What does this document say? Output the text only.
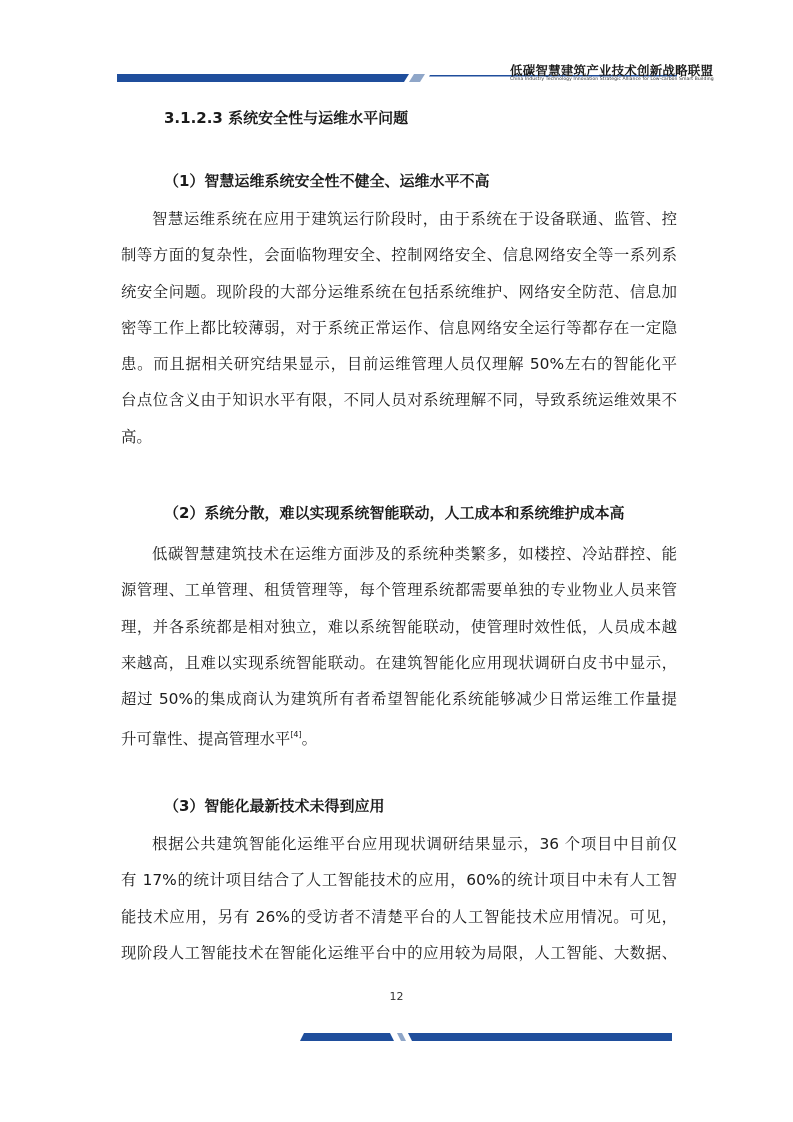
低碳智慧建筑产业技术创新战略联盟
China Industry Technology Innovation Strategic Alliance for Low-carbon Smart Building
3.1.2.3 系统安全性与运维水平问题
（1）智慧运维系统安全性不健全、运维水平不高
智慧运维系统在应用于建筑运行阶段时，由于系统在于设备联通、监管、控
制等方面的复杂性，会面临物理安全、控制网络安全、信息网络安全等一系列系
统安全问题。现阶段的大部分运维系统在包括系统维护、网络安全防范、信息加
密等工作上都比较薄弱，对于系统正常运作、信息网络安全运行等都存在一定隐
患。而且据相关研究结果显示，目前运维管理人员仅理解 50%左右的智能化平
台点位含义由于知识水平有限，不同人员对系统理解不同，导致系统运维效果不
高。
（2）系统分散，难以实现系统智能联动，人工成本和系统维护成本高
低碳智慧建筑技术在运维方面涉及的系统种类繁多，如楼控、冷站群控、能
源管理、工单管理、租赁管理等，每个管理系统都需要单独的专业物业人员来管
理，并各系统都是相对独立，难以系统智能联动，使管理时效性低，人员成本越
来越高，且难以实现系统智能联动。在建筑智能化应用现状调研白皮书中显示，
超过 50%的集成商认为建筑所有者希望智能化系统能够减少日常运维工作量提
升可靠性、提高管理水平[4]。
（3）智能化最新技术未得到应用
根据公共建筑智能化运维平台应用现状调研结果显示，36 个项目中目前仅
有 17%的统计项目结合了人工智能技术的应用，60%的统计项目中未有人工智
能技术应用，另有 26%的受访者不清楚平台的人工智能技术应用情况。可见，
现阶段人工智能技术在智能化运维平台中的应用较为局限，人工智能、大数据、
12
